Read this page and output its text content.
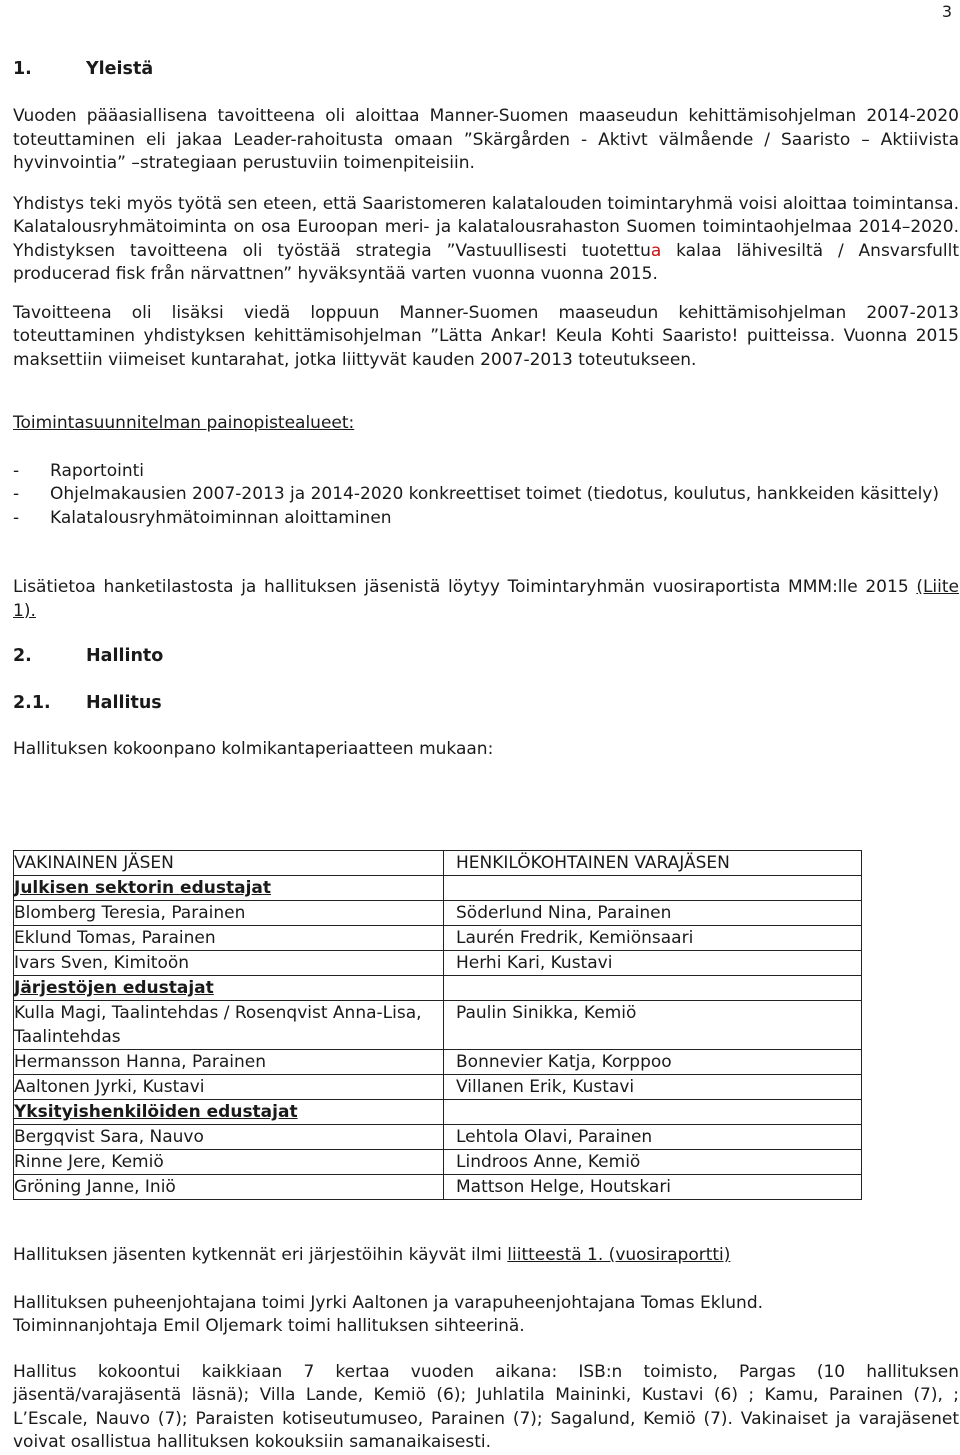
3
1.	Yleistä

Vuoden pääasiallisena tavoitteena oli aloittaa Manner-Suomen maaseudun kehittämisohjelman 2014-2020 toteuttaminen eli jakaa Leader-rahoitusta omaan ”Skärgården - Aktivt välmående / Saaristo – Aktiivista hyvinvointia” –strategiaan perustuviin toimenpiteisiin.

Yhdistys teki myös työtä sen eteen, että Saaristomeren kalatalouden toimintaryhmä voisi aloittaa toimintansa. Kalatalousryhmätoiminta on osa Euroopan meri- ja kalatalousrahaston Suomen toimintaohjelmaa 2014–2020. Yhdistyksen tavoitteena oli työstää strategia ”Vastuullisesti tuotettua kalaa lähivesiltä / Ansvarsfullt producerad fisk från närvattnen” hyväksyntää varten vuonna vuonna 2015.

Tavoitteena oli lisäksi viedä loppuun Manner-Suomen maaseudun kehittämisohjelman 2007-2013 toteuttaminen yhdistyksen kehittämisohjelman ”Lätta Ankar! Keula Kohti Saaristo! puitteissa. Vuonna 2015 maksettiin viimeiset kuntarahat, jotka liittyvät kauden 2007-2013 toteutukseen.

Toimintasuunnitelman painopistealueet:
- Raportointi
- Ohjelmakausien 2007-2013 ja 2014-2020 konkreettiset toimet (tiedotus, koulutus, hankkeiden käsittely)
- Kalatalousryhmätoiminnan aloittaminen

Lisätietoa hanketilastosta ja hallituksen jäsenistä löytyy Toimintaryhmän vuosiraportista MMM:lle 2015 (Liite 1).

2.	Hallinto
2.1. Hallitus
Hallituksen kokoonpano kolmikantaperiaatteen mukaan:
VAKINAINEN JÄSEN	HENKILÖKOHTAINEN VARAJÄSEN
Julkisen sektorin edustajat	
Blomberg Teresia, Parainen	Söderlund Nina, Parainen
Eklund Tomas, Parainen	Laurén Fredrik, Kemiönsaari
Ivars Sven, Kimitoön	Herhi Kari, Kustavi
Järjestöjen edustajat	
Kulla Magi, Taalintehdas / Rosenqvist Anna-Lisa, Taalintehdas	Paulin Sinikka, Kemiö
Hermansson Hanna, Parainen	Bonnevier Katja, Korppoo
Aaltonen Jyrki, Kustavi	Villanen Erik, Kustavi
Yksityishenkilöiden edustajat	
Bergqvist Sara, Nauvo	Lehtola Olavi, Parainen
Rinne Jere, Kemiö	Lindroos Anne, Kemiö
Gröning Janne, Iniö	Mattson Helge, Houtskari
Hallituksen jäsenten kytkennät eri järjestöihin käyvät ilmi liitteestä 1. (vuosiraportti)
Hallituksen puheenjohtajana toimi Jyrki Aaltonen ja varapuheenjohtajana Tomas Eklund.
Toiminnanjohtaja Emil Oljemark toimi hallituksen sihteerinä.

Hallitus kokoontui kaikkiaan 7 kertaa vuoden aikana: ISB:n toimisto, Pargas (10 hallituksen jäsentä/varajäsentä läsnä); Villa Lande, Kemiö (6); Juhlatila Maininki, Kustavi (6) ; Kamu, Parainen (7), ; L’Escale, Nauvo (7); Paraisten kotiseutumuseo, Parainen (7); Sagalund, Kemiö (7). Vakinaiset ja varajäsenet voivat osallistua hallituksen kokouksiin samanaikaisesti.
